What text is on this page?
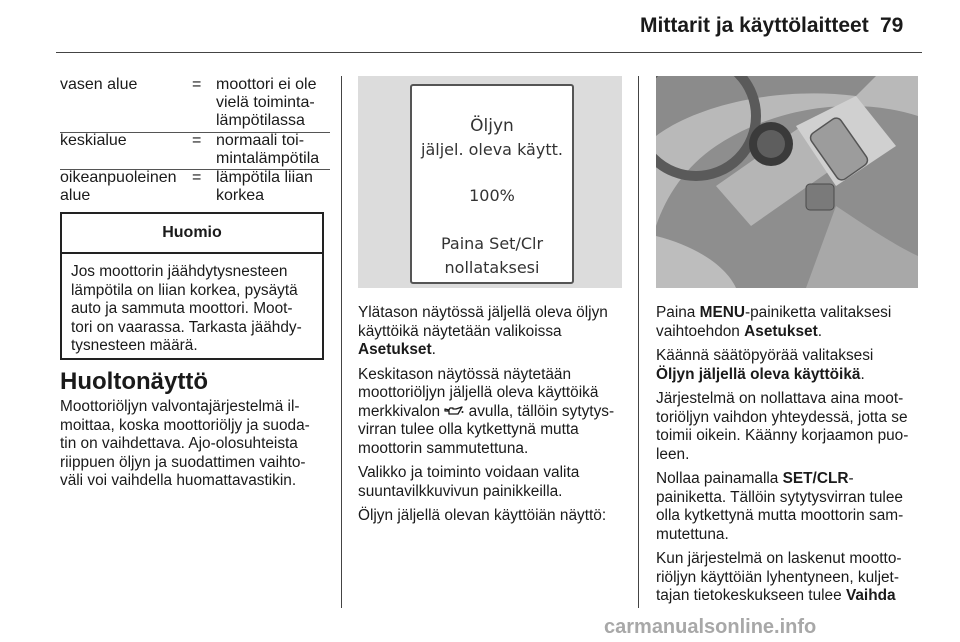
Mittarit ja käyttölaitteet 79
vasen alue	= moottori ei ole
vielä toiminta-
lämpötilassa
keskialue	= normaali toi-
mintalämpötila
oikeanpuoleinen
alue
= lämpötila liian
korkea
Huomio
Jos moottorin jäähdytysnesteen
lämpötila on liian korkea, pysäytä
auto ja sammuta moottori. Moot-
tori on vaarassa. Tarkasta jäähdy-
tysnesteen määrä.
Huoltonäyttö
Moottoriöljyn valvontajärjestelmä il-
moittaa, koska moottoriöljy ja suoda-
tin on vaihdettava. Ajo-olosuhteista
riippuen öljyn ja suodattimen vaihto-
väli voi vaihdella huomattavastikin.
Öljyn
jäljel. oleva käytt.
100%
Paina Set/Clr
nollataksesi
Ylätason näytössä jäljellä oleva öljyn
käyttöikä näytetään valikoissa
Asetukset.
Keskitason näytössä näytetään
moottoriöljyn jäljellä oleva käyttöikä
merkkivalon  avulla, tällöin sytytys-
virran tulee olla kytkettynä mutta
moottorin sammutettuna.
Valikko ja toiminto voidaan valita
suuntavilkkuvivun painikkeilla.
Öljyn jäljellä olevan käyttöiän näyttö:
Paina MENU-painiketta valitaksesi
vaihtoehdon Asetukset.
Käännä säätöpyörää valitaksesi
Öljyn jäljellä oleva käyttöikä.
Järjestelmä on nollattava aina moot-
toriöljyn vaihdon yhteydessä, jotta se
toimii oikein. Käänny korjaamon puo-
leen.
Nollaa painamalla SET/CLR-
painiketta. Tällöin sytytysvirran tulee
olla kytkettynä mutta moottorin sam-
mutettuna.
Kun järjestelmä on laskenut mootto-
riöljyn käyttöiän lyhentyneen, kuljet-
tajan tietokeskukseen tulee Vaihda
carmanualsonline.info
